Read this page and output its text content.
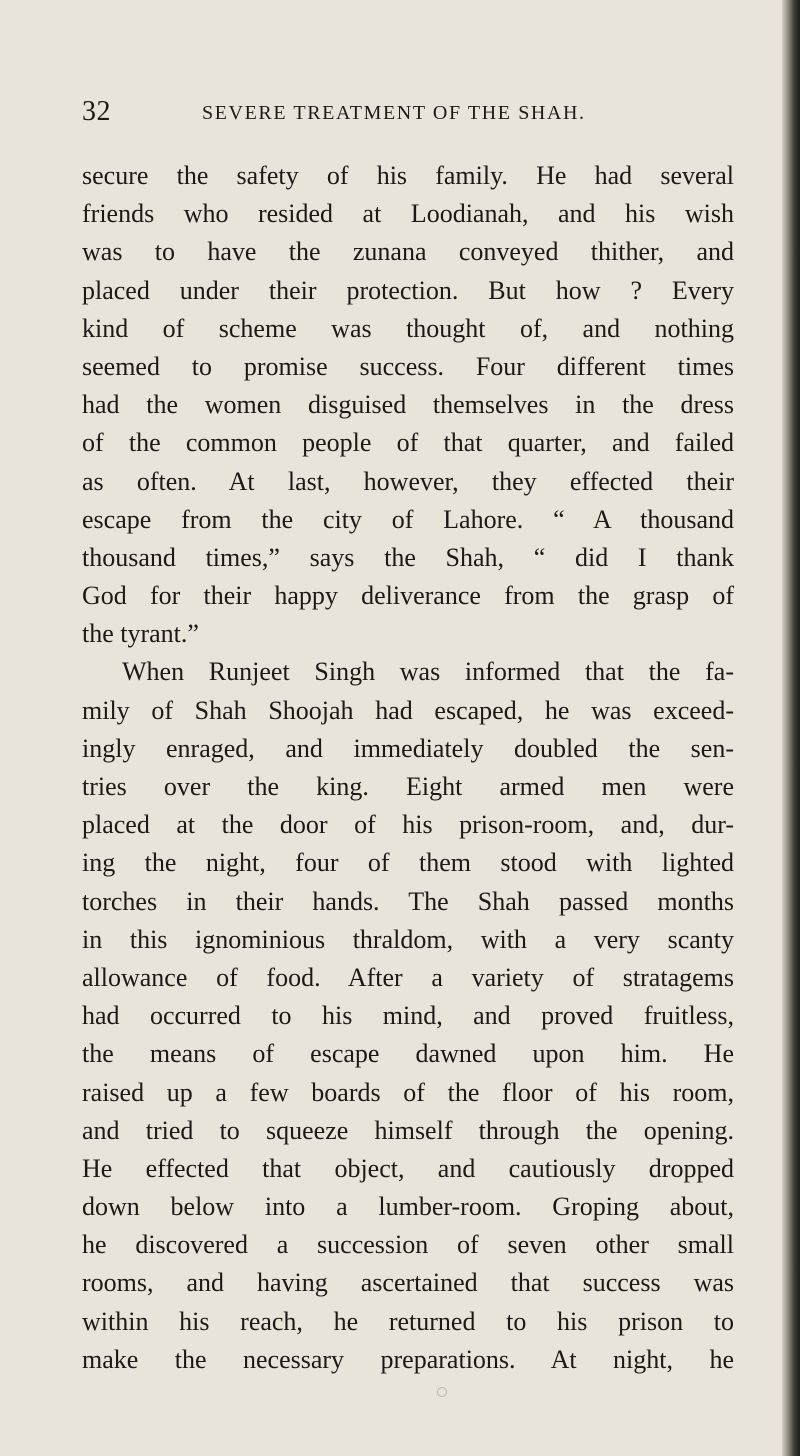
32	SEVERE TREATMENT OF THE SHAH.
secure the safety of his family. He had several
friends who resided at Loodianah, and his wish
was to have the zunana conveyed thither, and
placed under their protection. But how ? Every
kind of scheme was thought of, and nothing
seemed to promise success. Four different times
had the women disguised themselves in the dress
of the common people of that quarter, and failed
as often. At last, however, they effected their
escape from the city of Lahore. “ A thousand
thousand times,” says the Shah, “ did I thank
God for their happy deliverance from the grasp of
the tyrant.”
When Runjeet Singh was informed that the fa-
mily of Shah Shoojah had escaped, he was exceed-
ingly enraged, and immediately doubled the sen-
tries over the king. Eight armed men were
placed at the door of his prison-room, and, dur-
ing the night, four of them stood with lighted
torches in their hands. The Shah passed months
in this ignominious thraldom, with a very scanty
allowance of food. After a variety of stratagems
had occurred to his mind, and proved fruitless,
the means of escape dawned upon him. He
raised up a few boards of the floor of his room,
and tried to squeeze himself through the opening.
He effected that object, and cautiously dropped
down below into a lumber-room. Groping about,
he discovered a succession of seven other small
rooms, and having ascertained that success was
within his reach, he returned to his prison to
make the necessary preparations. At night, he
